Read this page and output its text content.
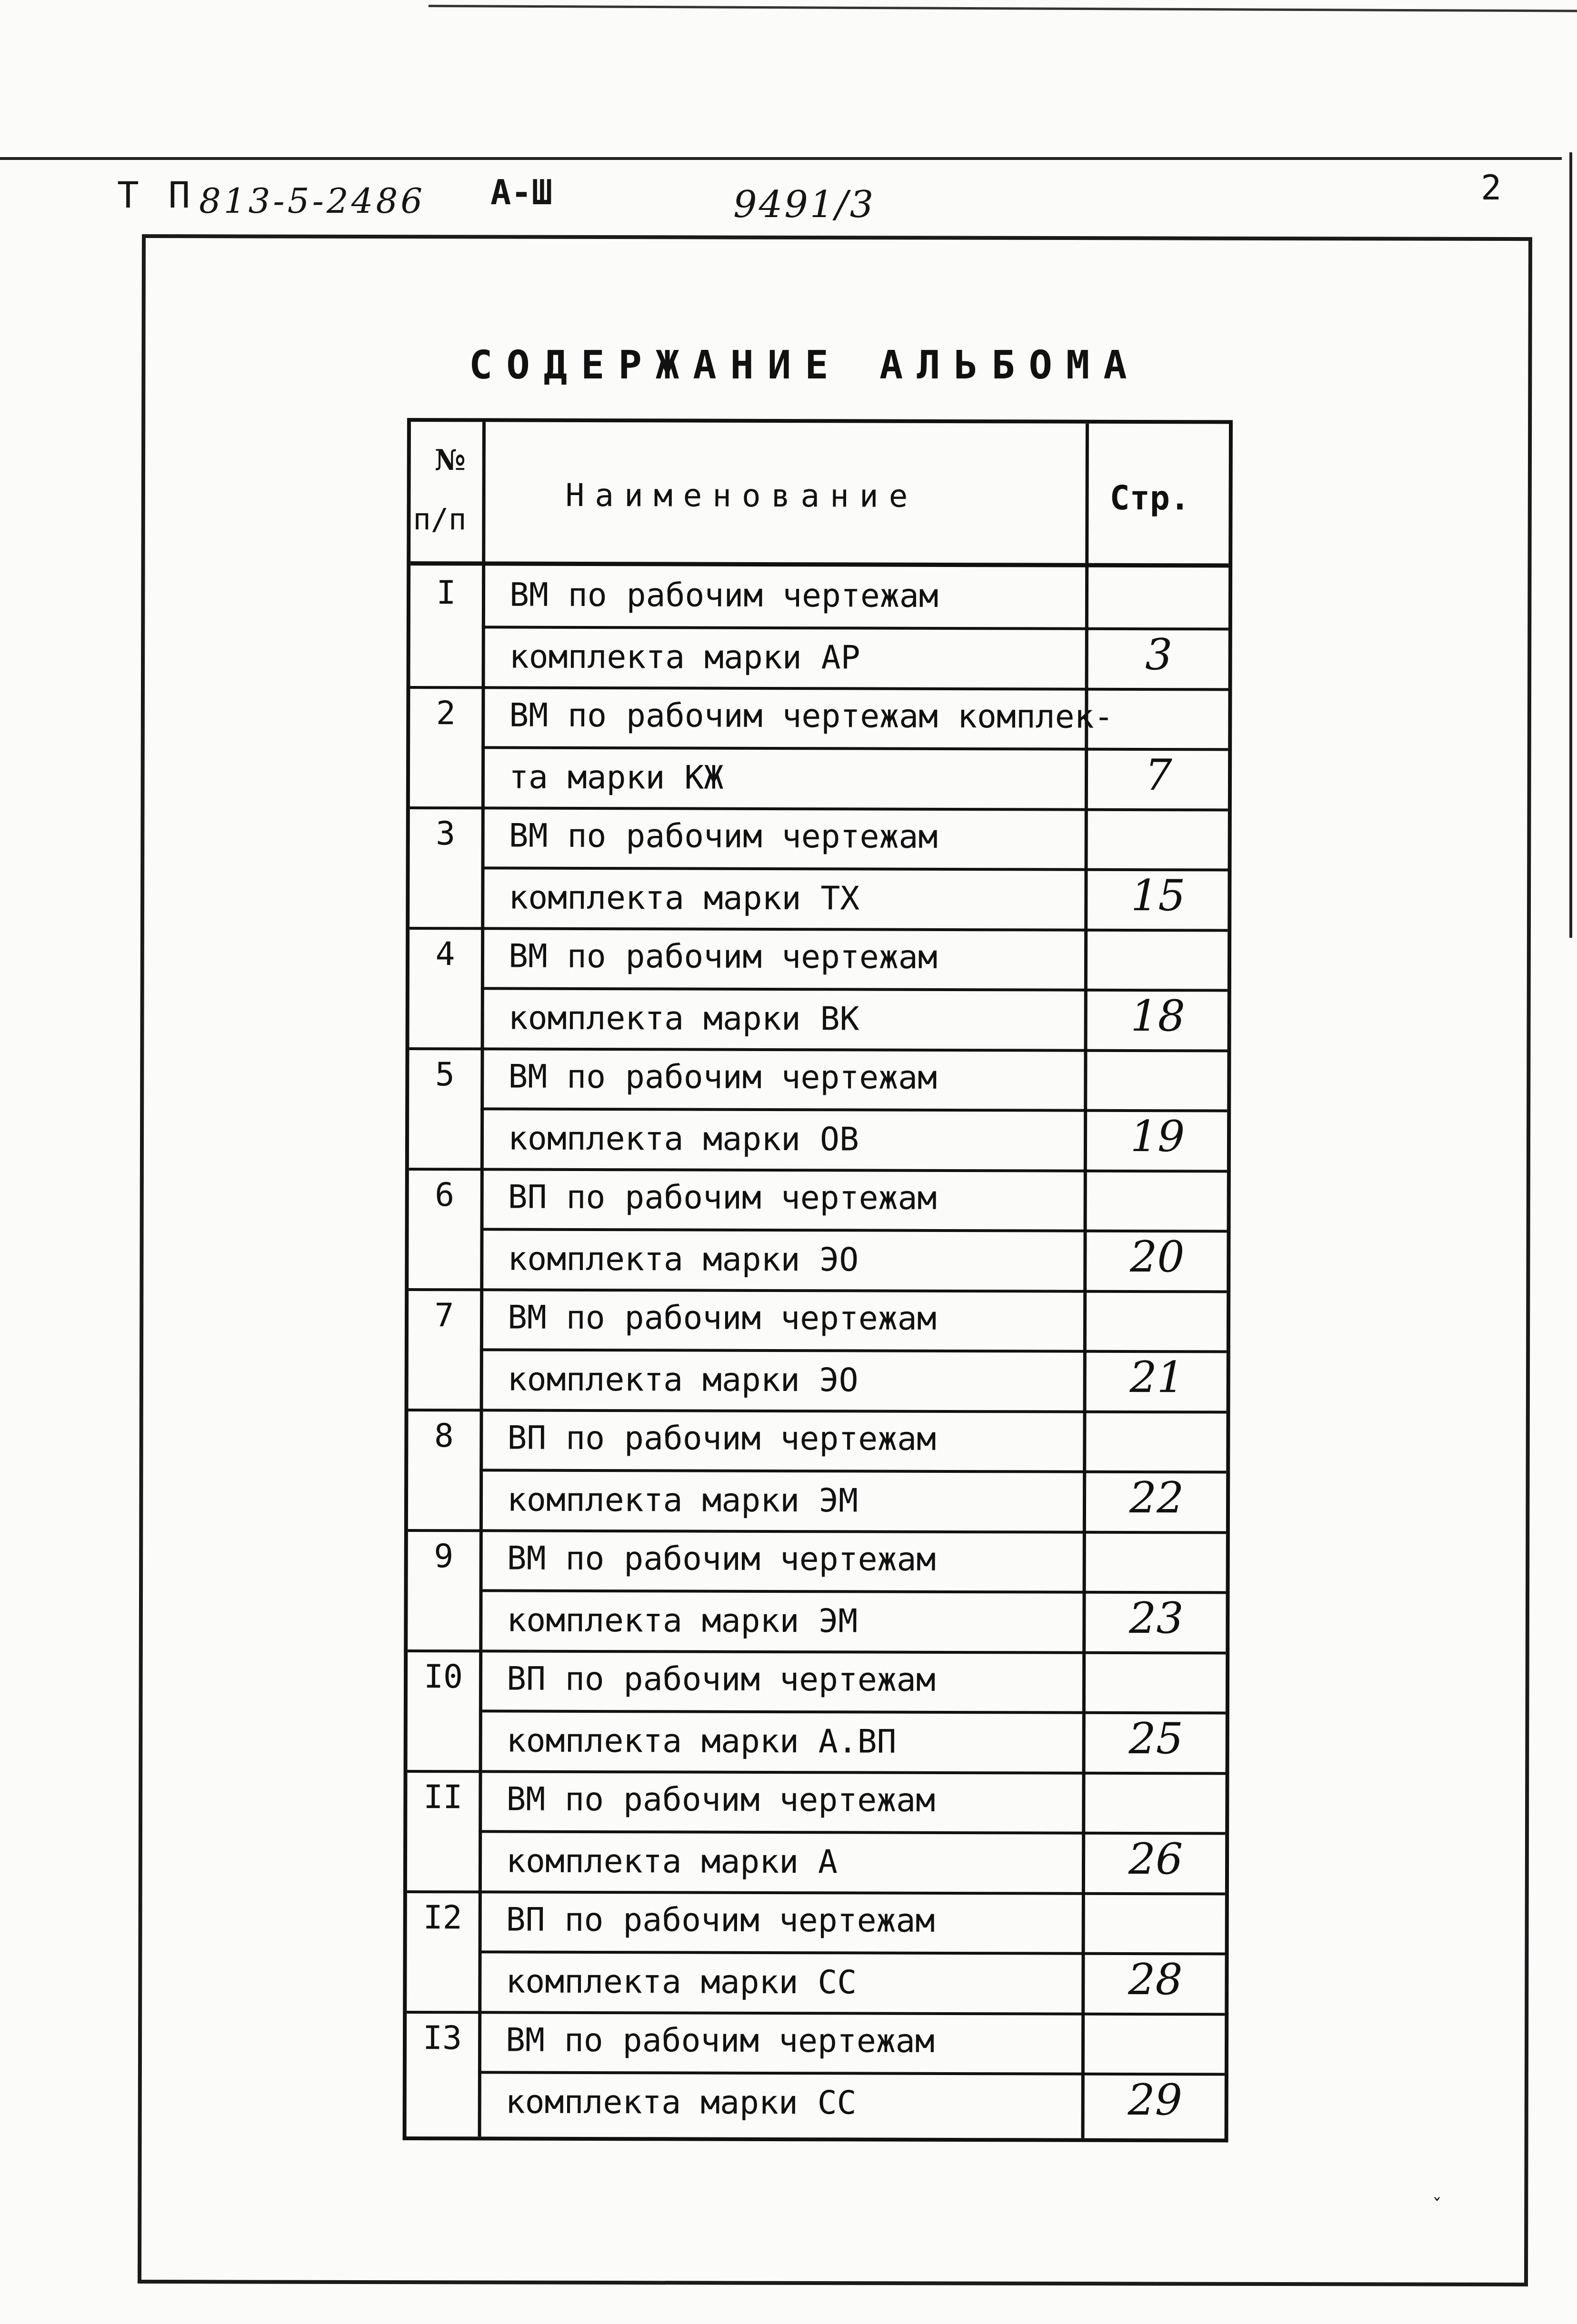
Т П 813-5-2486 А-Ш	9491/3	2
СОДЕРЖАНИЕ АЛЬБОМА
№
п/п
Наименование	Стр.
I	ВМ по рабочим чертежам
комплекта марки АР	3
2	ВМ по рабочим чертежам комплек-
та марки КЖ	7
3	ВМ по рабочим чертежам
комплекта марки ТХ	15
4	ВМ по рабочим чертежам
комплекта марки ВК	18
5	ВМ по рабочим чертежам
комплекта марки ОВ	19
6	ВП по рабочим чертежам
комплекта марки ЭО	20
7	ВМ по рабочим чертежам
комплекта марки ЭО	21
8	ВП по рабочим чертежам
комплекта марки ЭМ	22
9	ВМ по рабочим чертежам
комплекта марки ЭМ	23
I0	ВП по рабочим чертежам
комплекта марки А.ВП	25
II	ВМ по рабочим чертежам
комплекта марки А	26
I2	ВП по рабочим чертежам
комплекта марки СС	28
I3	ВМ по рабочим чертежам
комплекта марки СС	29
ˇ
